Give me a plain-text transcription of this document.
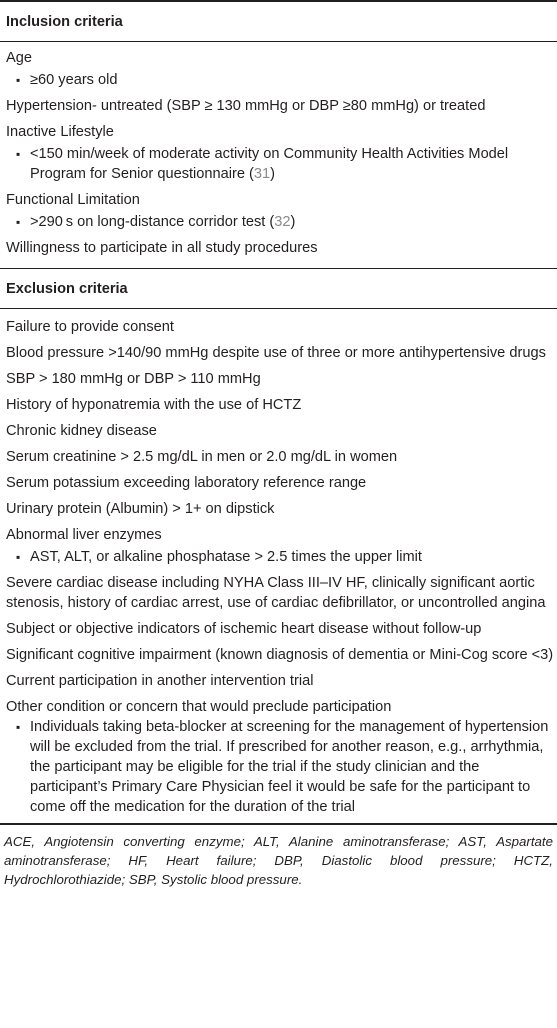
Inclusion criteria
Age
▪ ≥60 years old
Hypertension- untreated (SBP ≥ 130 mmHg or DBP ≥80 mmHg) or treated
Inactive Lifestyle
▪ <150 min/week of moderate activity on Community Health Activities Model Program for Senior questionnaire (31)
Functional Limitation
▪ >290 s on long-distance corridor test (32)
Willingness to participate in all study procedures
Exclusion criteria
Failure to provide consent
Blood pressure >140/90 mmHg despite use of three or more antihypertensive drugs
SBP > 180 mmHg or DBP > 110 mmHg
History of hyponatremia with the use of HCTZ
Chronic kidney disease
Serum creatinine > 2.5 mg/dL in men or 2.0 mg/dL in women
Serum potassium exceeding laboratory reference range
Urinary protein (Albumin) > 1+ on dipstick
Abnormal liver enzymes
▪ AST, ALT, or alkaline phosphatase > 2.5 times the upper limit
Severe cardiac disease including NYHA Class III–IV HF, clinically significant aortic stenosis, history of cardiac arrest, use of cardiac defibrillator, or uncontrolled angina
Subject or objective indicators of ischemic heart disease without follow-up
Significant cognitive impairment (known diagnosis of dementia or Mini-Cog score <3)
Current participation in another intervention trial
Other condition or concern that would preclude participation
▪ Individuals taking beta-blocker at screening for the management of hypertension will be excluded from the trial. If prescribed for another reason, e.g., arrhythmia, the participant may be eligible for the trial if the study clinician and the participant’s Primary Care Physician feel it would be safe for the participant to come off the medication for the duration of the trial
ACE, Angiotensin converting enzyme; ALT, Alanine aminotransferase; AST, Aspartate aminotransferase; HF, Heart failure; DBP, Diastolic blood pressure; HCTZ, Hydrochlorothiazide; SBP, Systolic blood pressure.
